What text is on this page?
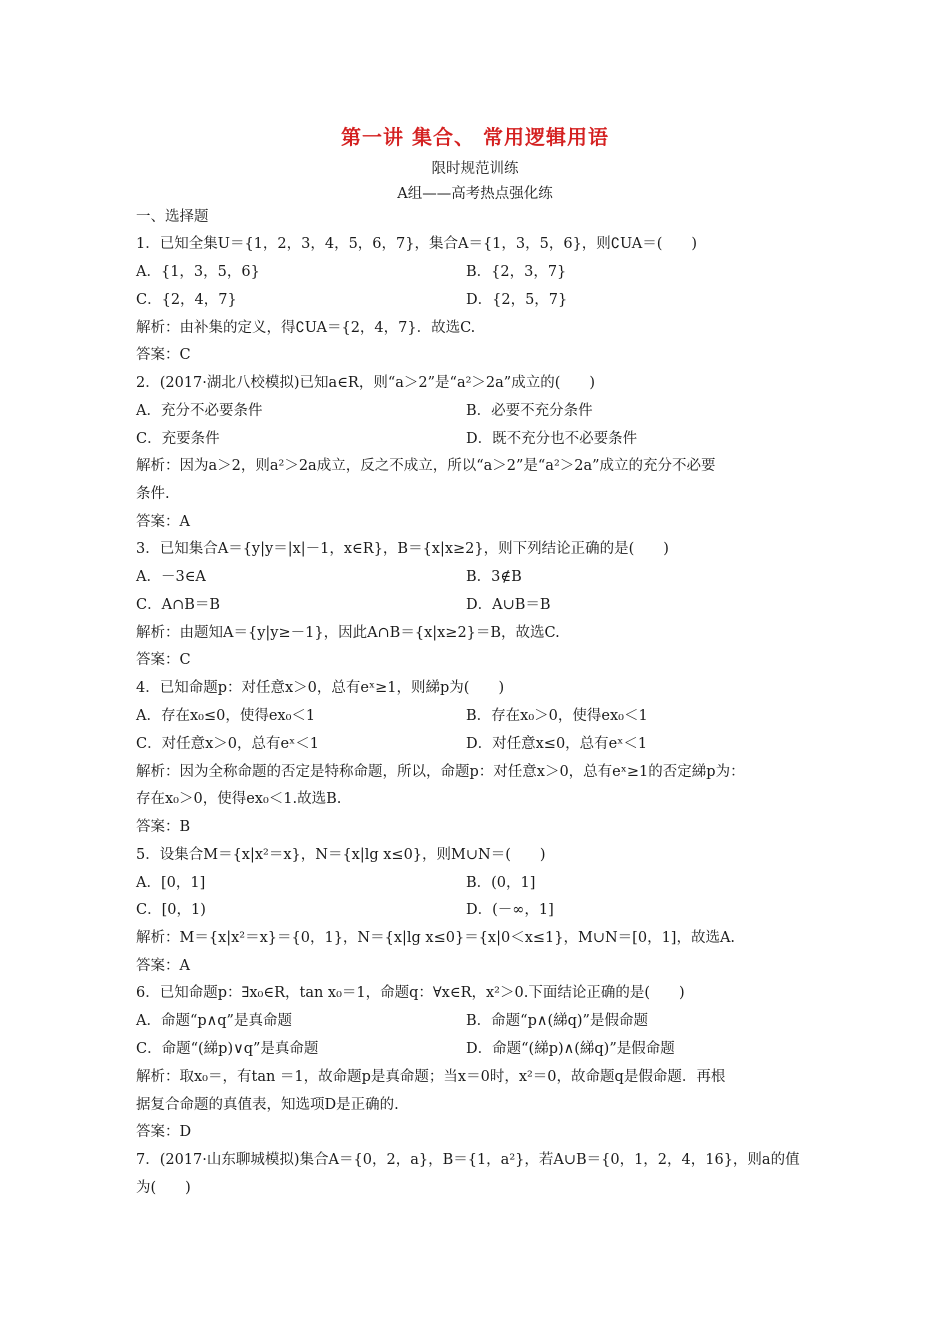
第一讲 集合、 常用逻辑用语
限时规范训练
A组——高考热点强化练
一、选择题
1．已知全集U＝{1，2，3，4，5，6，7}，集合A＝{1，3，5，6}，则∁UA＝(　　)
A．{1，3，5，6}	B．{2，3，7}
C．{2，4，7}	D．{2，5，7}
解析：由补集的定义，得∁UA＝{2，4，7}．故选C.
答案：C
2．(2017·湖北八校模拟)已知a∈R，则“a＞2”是“a²＞2a”成立的(　　)
A．充分不必要条件	B．必要不充分条件
C．充要条件	D．既不充分也不必要条件
解析：因为a＞2，则a²＞2a成立，反之不成立，所以“a＞2”是“a²＞2a”成立的充分不必要
条件.
答案：A
3．已知集合A＝{y|y＝|x|－1，x∈R}，B＝{x|x≥2}，则下列结论正确的是(　　)
A．－3∈A	B．3∉B
C．A∩B＝B	D．A∪B＝B
解析：由题知A＝{y|y≥－1}，因此A∩B＝{x|x≥2}＝B，故选C.
答案：C
4．已知命题p：对任意x＞0，总有eˣ≥1，则綈p为(　　)
A．存在x₀≤0，使得ex₀＜1	B．存在x₀＞0，使得ex₀＜1
C．对任意x＞0，总有eˣ＜1	D．对任意x≤0，总有eˣ＜1
解析：因为全称命题的否定是特称命题，所以，命题p：对任意x＞0，总有eˣ≥1的否定綈p为：
存在x₀＞0，使得ex₀＜1.故选B.
答案：B
5．设集合M＝{x|x²＝x}，N＝{x|lg x≤0}，则M∪N＝(　　)
A．[0，1]	B．(0，1]
C．[0，1)	D．(－∞，1]
解析：M＝{x|x²＝x}＝{0，1}，N＝{x|lg x≤0}＝{x|0＜x≤1}，M∪N＝[0，1]，故选A.
答案：A
6．已知命题p：∃x₀∈R，tan x₀＝1，命题q：∀x∈R，x²＞0.下面结论正确的是(　　)
A．命题“p∧q”是真命题	B．命题“p∧(綈q)”是假命题
C．命题“(綈p)∨q”是真命题	D．命题“(綈p)∧(綈q)”是假命题
解析：取x₀＝，有tan ＝1，故命题p是真命题；当x＝0时，x²＝0，故命题q是假命题．再根
据复合命题的真值表，知选项D是正确的.
答案：D
7．(2017·山东聊城模拟)集合A＝{0，2，a}，B＝{1，a²}，若A∪B＝{0，1，2，4，16}，则a的值
为(　　)
